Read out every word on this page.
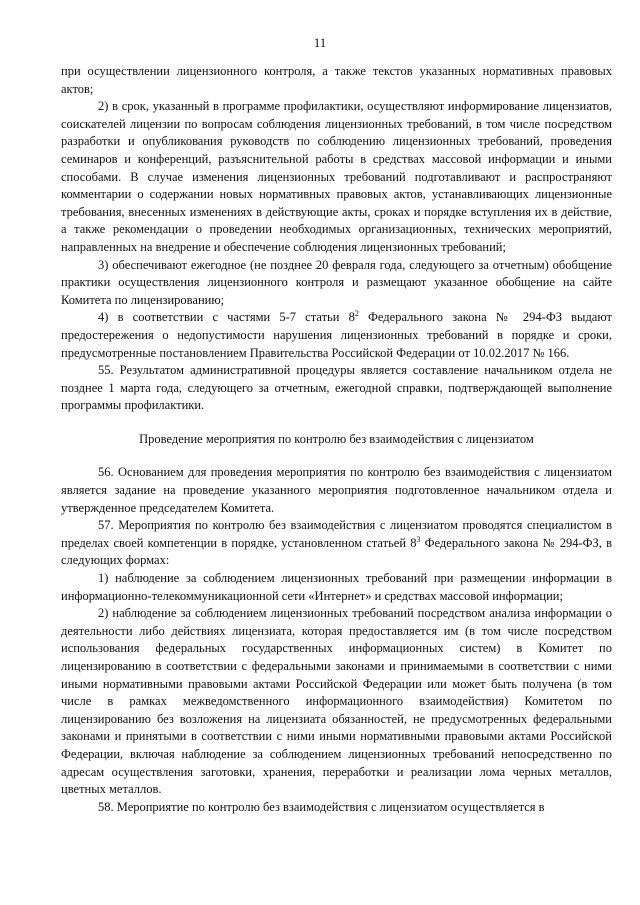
11

при осуществлении лицензионного контроля, а также текстов указанных нормативных правовых актов;

2) в срок, указанный в программе профилактики, осуществляют информирование лицензиатов, соискателей лицензии по вопросам соблюдения лицензионных требований, в том числе посредством разработки и опубликования руководств по соблюдению лицензионных требований, проведения семинаров и конференций, разъяснительной работы в средствах массовой информации и иными способами. В случае изменения лицензионных требований подготавливают и распространяют комментарии о содержании новых нормативных правовых актов, устанавливающих лицензионные требования, внесенных изменениях в действующие акты, сроках и порядке вступления их в действие, а также рекомендации о проведении необходимых организационных, технических мероприятий, направленных на внедрение и обеспечение соблюдения лицензионных требований;

3) обеспечивают ежегодное (не позднее 20 февраля года, следующего за отчетным) обобщение практики осуществления лицензионного контроля и размещают указанное обобщение на сайте Комитета по лицензированию;

4) в соответствии с частями 5-7 статьи $8^2$ Федерального закона № 294-ФЗ выдают предостережения о недопустимости нарушения лицензионных требований в порядке и сроки, предусмотренные постановлением Правительства Российской Федерации от 10.02.2017 № 166.

55. Результатом административной процедуры является составление начальником отдела не позднее 1 марта года, следующего за отчетным, ежегодной справки, подтверждающей выполнение программы профилактики.

Проведение мероприятия по контролю без взаимодействия с лицензиатом

56. Основанием для проведения мероприятия по контролю без взаимодействия с лицензиатом является задание на проведение указанного мероприятия подготовленное начальником отдела и утвержденное председателем Комитета.

57. Мероприятия по контролю без взаимодействия с лицензиатом проводятся специалистом в пределах своей компетенции в порядке, установленном статьей $8^3$ Федерального закона № 294-ФЗ, в следующих формах:

1) наблюдение за соблюдением лицензионных требований при размещении информации в информационно-телекоммуникационной сети «Интернет» и средствах массовой информации;

2) наблюдение за соблюдением лицензионных требований посредством анализа информации о деятельности либо действиях лицензиата, которая предоставляется им (в том числе посредством использования федеральных государственных информационных систем) в Комитет по лицензированию в соответствии с федеральными законами и принимаемыми в соответствии с ними иными нормативными правовыми актами Российской Федерации или может быть получена (в том числе в рамках межведомственного информационного взаимодействия) Комитетом по лицензированию без возложения на лицензиата обязанностей, не предусмотренных федеральными законами и принятыми в соответствии с ними иными нормативными правовыми актами Российской Федерации, включая наблюдение за соблюдением лицензионных требований непосредственно по адресам осуществления заготовки, хранения, переработки и реализации лома черных металлов, цветных металлов.

58. Мероприятие по контролю без взаимодействия с лицензиатом осуществляется в
